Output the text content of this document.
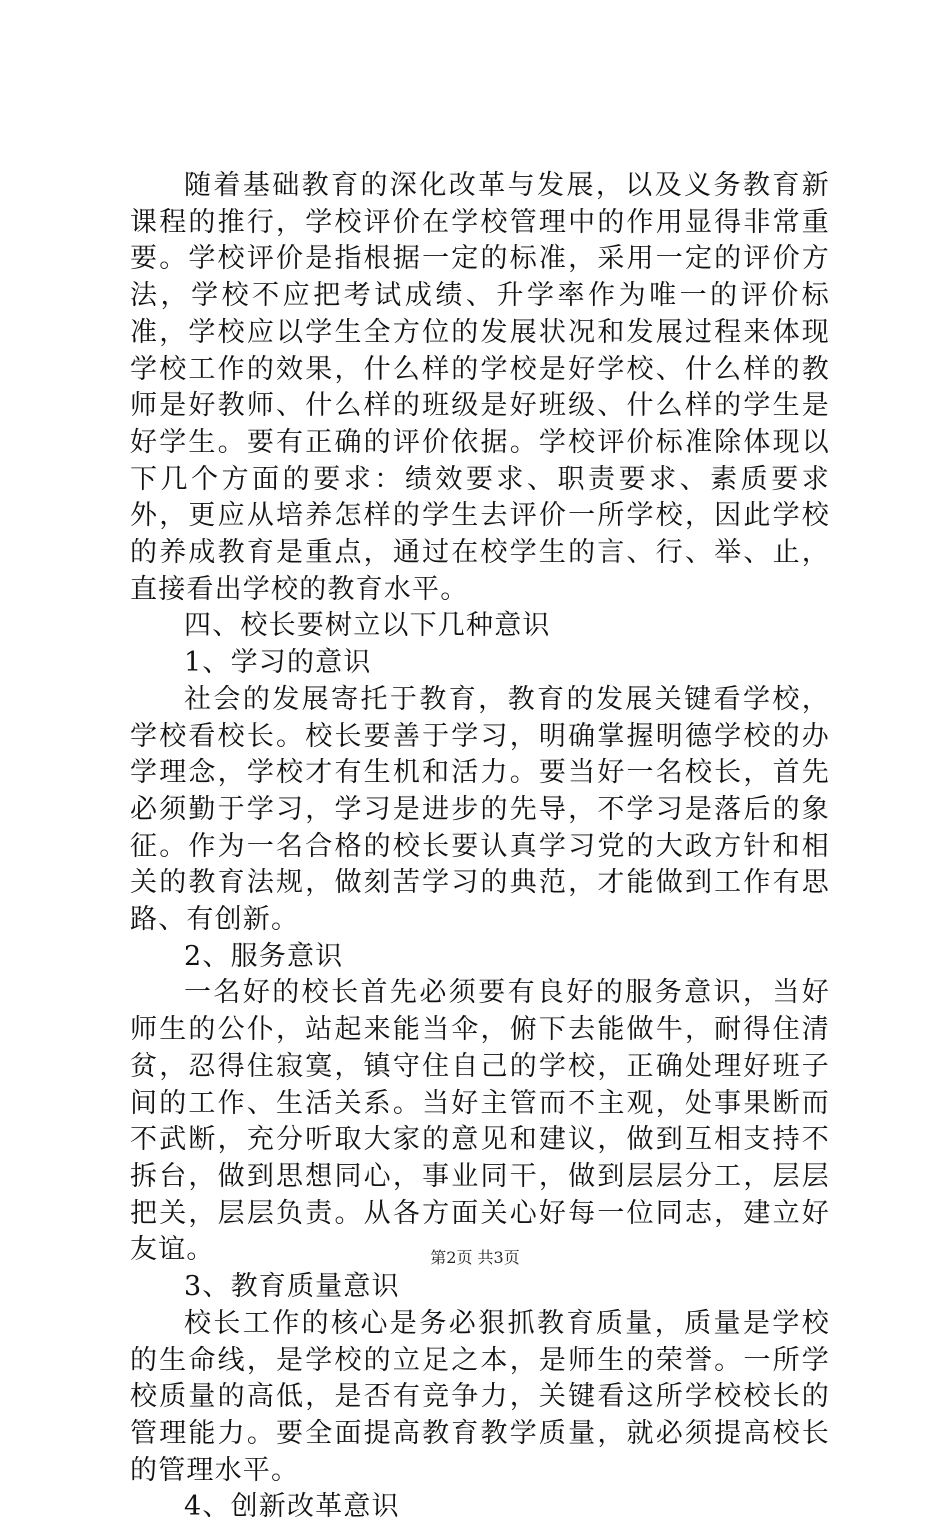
随着基础教育的深化改革与发展，以及义务教育新课程的推行，学校评价在学校管理中的作用显得非常重要。学校评价是指根据一定的标准，采用一定的评价方法，学校不应把考试成绩、升学率作为唯一的评价标准，学校应以学生全方位的发展状况和发展过程来体现学校工作的效果，什么样的学校是好学校、什么样的教师是好教师、什么样的班级是好班级、什么样的学生是好学生。要有正确的评价依据。学校评价标准除体现以下几个方面的要求：绩效要求、职责要求、素质要求外，更应从培养怎样的学生去评价一所学校，因此学校的养成教育是重点，通过在校学生的言、行、举、止，直接看出学校的教育水平。

四、校长要树立以下几种意识

1、学习的意识

社会的发展寄托于教育，教育的发展关键看学校，学校看校长。校长要善于学习，明确掌握明德学校的办学理念，学校才有生机和活力。要当好一名校长，首先必须勤于学习，学习是进步的先导，不学习是落后的象征。作为一名合格的校长要认真学习党的大政方针和相关的教育法规，做刻苦学习的典范，才能做到工作有思路、有创新。

2、服务意识

一名好的校长首先必须要有良好的服务意识，当好师生的公仆，站起来能当伞，俯下去能做牛，耐得住清贫，忍得住寂寞，镇守住自己的学校，正确处理好班子间的工作、生活关系。当好主管而不主观，处事果断而不武断，充分听取大家的意见和建议，做到互相支持不拆台，做到思想同心，事业同干，做到层层分工，层层把关，层层负责。从各方面关心好每一位同志，建立好友谊。

3、教育质量意识

校长工作的核心是务必狠抓教育质量，质量是学校的生命线，是学校的立足之本，是师生的荣誉。一所学校质量的高低，是否有竞争力，关键看这所学校校长的管理能力。要全面提高教育教学质量，就必须提高校长的管理水平。

4、创新改革意识

第2页 共3页
